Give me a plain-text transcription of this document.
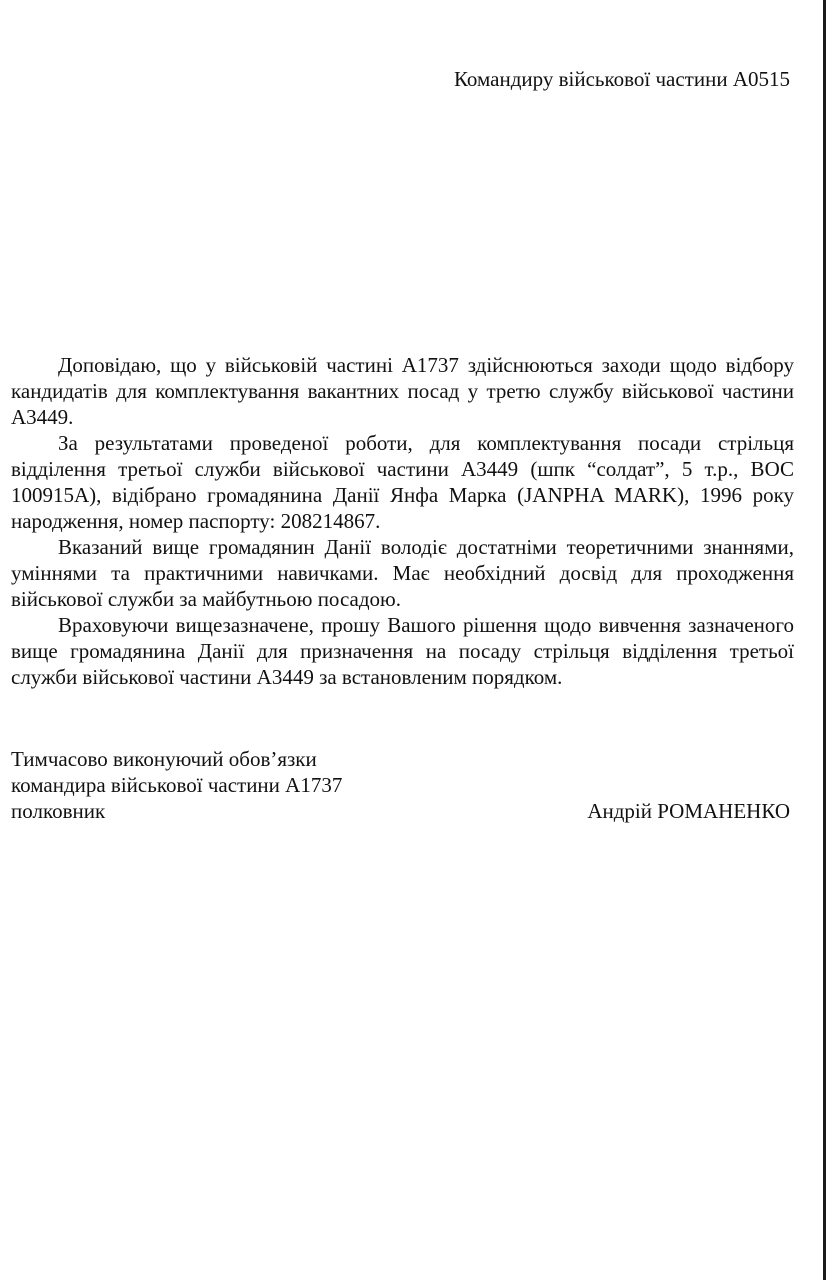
Командиру військової частини А0515

Доповідаю, що у військовій частині А1737 здійснюються заходи щодо відбору кандидатів для комплектування вакантних посад у третю службу військової частини А3449.

За результатами проведеної роботи, для комплектування посади стрільця відділення третьої служби військової частини А3449 (шпк “солдат”, 5 т.р., ВОС 100915А), відібрано громадянина Данії Янфа Марка (JANPHA MARK), 1996 року народження, номер паспорту: 208214867.

Вказаний вище громадянин Данії володіє достатніми теоретичними знаннями, уміннями та практичними навичками. Має необхідний досвід для проходження військової служби за майбутньою посадою.

Враховуючи вищезазначене, прошу Вашого рішення щодо вивчення зазначеного вище громадянина Данії для призначення на посаду стрільця відділення третьої служби військової частини А3449 за встановленим порядком.

Тимчасово виконуючий обов’язки
командира військової частини А1737
полковник	Андрій РОМАНЕНКО
